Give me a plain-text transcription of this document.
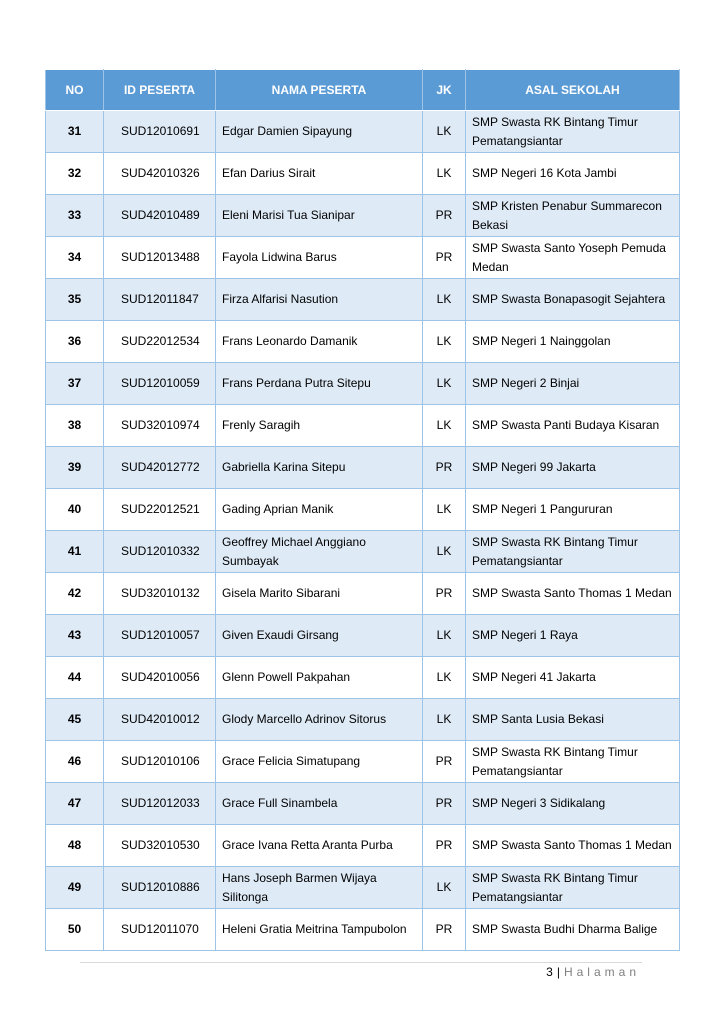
NO	ID PESERTA	NAMA PESERTA	JK	ASAL SEKOLAH
31	SUD12010691	Edgar Damien Sipayung	LK	SMP Swasta RK Bintang Timur Pematangsiantar
32	SUD42010326	Efan Darius Sirait	LK	SMP Negeri 16 Kota Jambi
33	SUD42010489	Eleni Marisi Tua Sianipar	PR	SMP Kristen Penabur Summarecon Bekasi
34	SUD12013488	Fayola Lidwina Barus	PR	SMP Swasta Santo Yoseph Pemuda Medan
35	SUD12011847	Firza Alfarisi Nasution	LK	SMP Swasta Bonapasogit Sejahtera
36	SUD22012534	Frans Leonardo Damanik	LK	SMP Negeri 1 Nainggolan
37	SUD12010059	Frans Perdana Putra Sitepu	LK	SMP Negeri 2 Binjai
38	SUD32010974	Frenly Saragih	LK	SMP Swasta Panti Budaya Kisaran
39	SUD42012772	Gabriella Karina Sitepu	PR	SMP Negeri 99 Jakarta
40	SUD22012521	Gading Aprian Manik	LK	SMP Negeri 1 Pangururan
41	SUD12010332	Geoffrey Michael Anggiano Sumbayak	LK	SMP Swasta RK Bintang Timur Pematangsiantar
42	SUD32010132	Gisela Marito Sibarani	PR	SMP Swasta Santo Thomas 1 Medan
43	SUD12010057	Given Exaudi Girsang	LK	SMP Negeri 1 Raya
44	SUD42010056	Glenn Powell Pakpahan	LK	SMP Negeri 41 Jakarta
45	SUD42010012	Glody Marcello Adrinov Sitorus	LK	SMP Santa Lusia Bekasi
46	SUD12010106	Grace Felicia Simatupang	PR	SMP Swasta RK Bintang Timur Pematangsiantar
47	SUD12012033	Grace Full Sinambela	PR	SMP Negeri 3 Sidikalang
48	SUD32010530	Grace Ivana Retta Aranta Purba	PR	SMP Swasta Santo Thomas 1 Medan
49	SUD12010886	Hans Joseph Barmen Wijaya Silitonga	LK	SMP Swasta RK Bintang Timur Pematangsiantar
50	SUD12011070	Heleni Gratia Meitrina Tampubolon	PR	SMP Swasta Budhi Dharma Balige
3 | Halaman
